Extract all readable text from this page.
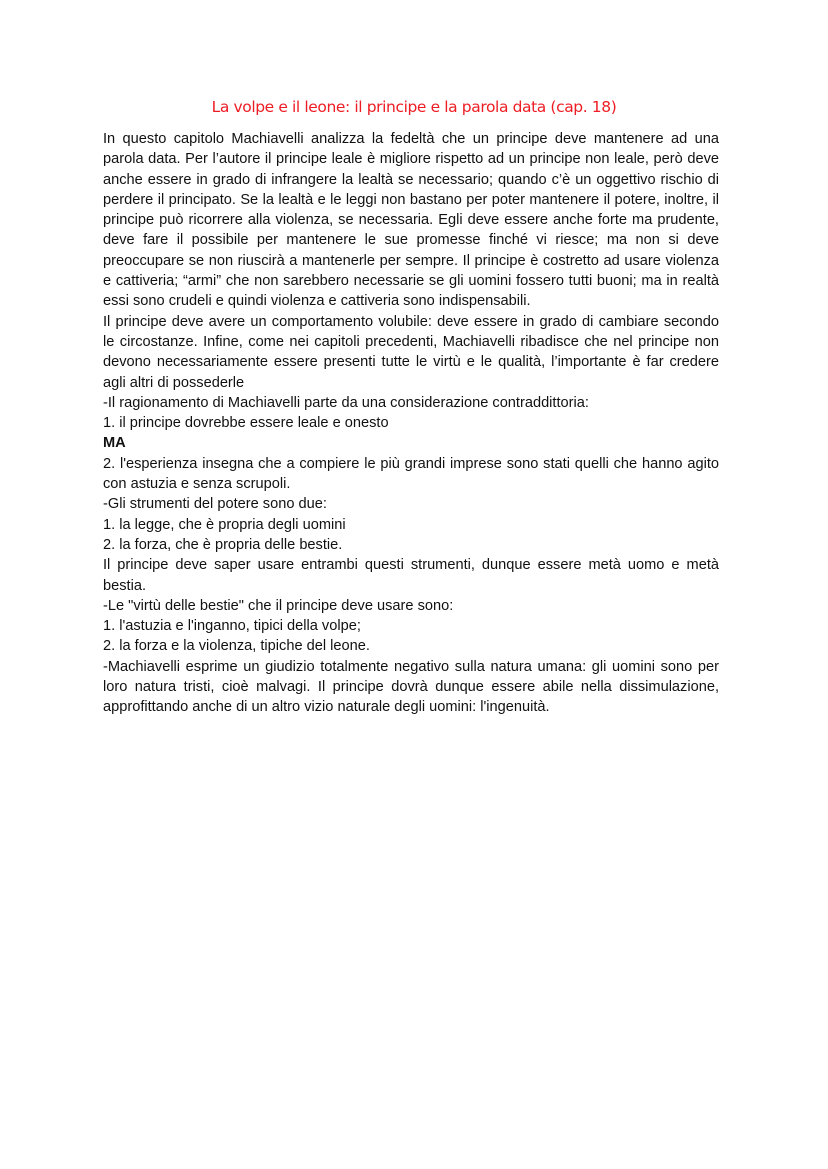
La volpe e il leone: il principe e la parola data (cap. 18)

In questo capitolo Machiavelli analizza la fedeltà che un principe deve mantenere ad una parola data. Per l’autore il principe leale è migliore rispetto ad un principe non leale, però deve anche essere in grado di infrangere la lealtà se necessario; quando c’è un oggettivo rischio di perdere il principato. Se la lealtà e le leggi non bastano per poter mantenere il potere, inoltre, il principe può ricorrere alla violenza, se necessaria. Egli deve essere anche forte ma prudente, deve fare il possibile per mantenere le sue promesse finché vi riesce; ma non si deve preoccupare se non riuscirà a mantenerle per sempre. Il principe è costretto ad usare violenza e cattiveria; “armi” che non sarebbero necessarie se gli uomini fossero tutti buoni; ma in realtà essi sono crudeli e quindi violenza e cattiveria sono indispensabili.

Il principe deve avere un comportamento volubile: deve essere in grado di cambiare secondo le circostanze. Infine, come nei capitoli precedenti, Machiavelli ribadisce che nel principe non devono necessariamente essere presenti tutte le virtù e le qualità, l’importante è far credere agli altri di possederle

-Il ragionamento di Machiavelli parte da una considerazione contraddittoria:

1. il principe dovrebbe essere leale e onesto

MA

2. l'esperienza insegna che a compiere le più grandi imprese sono stati quelli che hanno agito con astuzia e senza scrupoli.

-Gli strumenti del potere sono due:

1. la legge, che è propria degli uomini

2. la forza, che è propria delle bestie.

Il principe deve saper usare entrambi questi strumenti, dunque essere metà uomo e metà bestia.

-Le "virtù delle bestie" che il principe deve usare sono:

1. l'astuzia e l'inganno, tipici della volpe;

2. la forza e la violenza, tipiche del leone.

-Machiavelli esprime un giudizio totalmente negativo sulla natura umana: gli uomini sono per loro natura tristi, cioè malvagi. Il principe dovrà dunque essere abile nella dissimulazione, approfittando anche di un altro vizio naturale degli uomini: l'ingenuità.
